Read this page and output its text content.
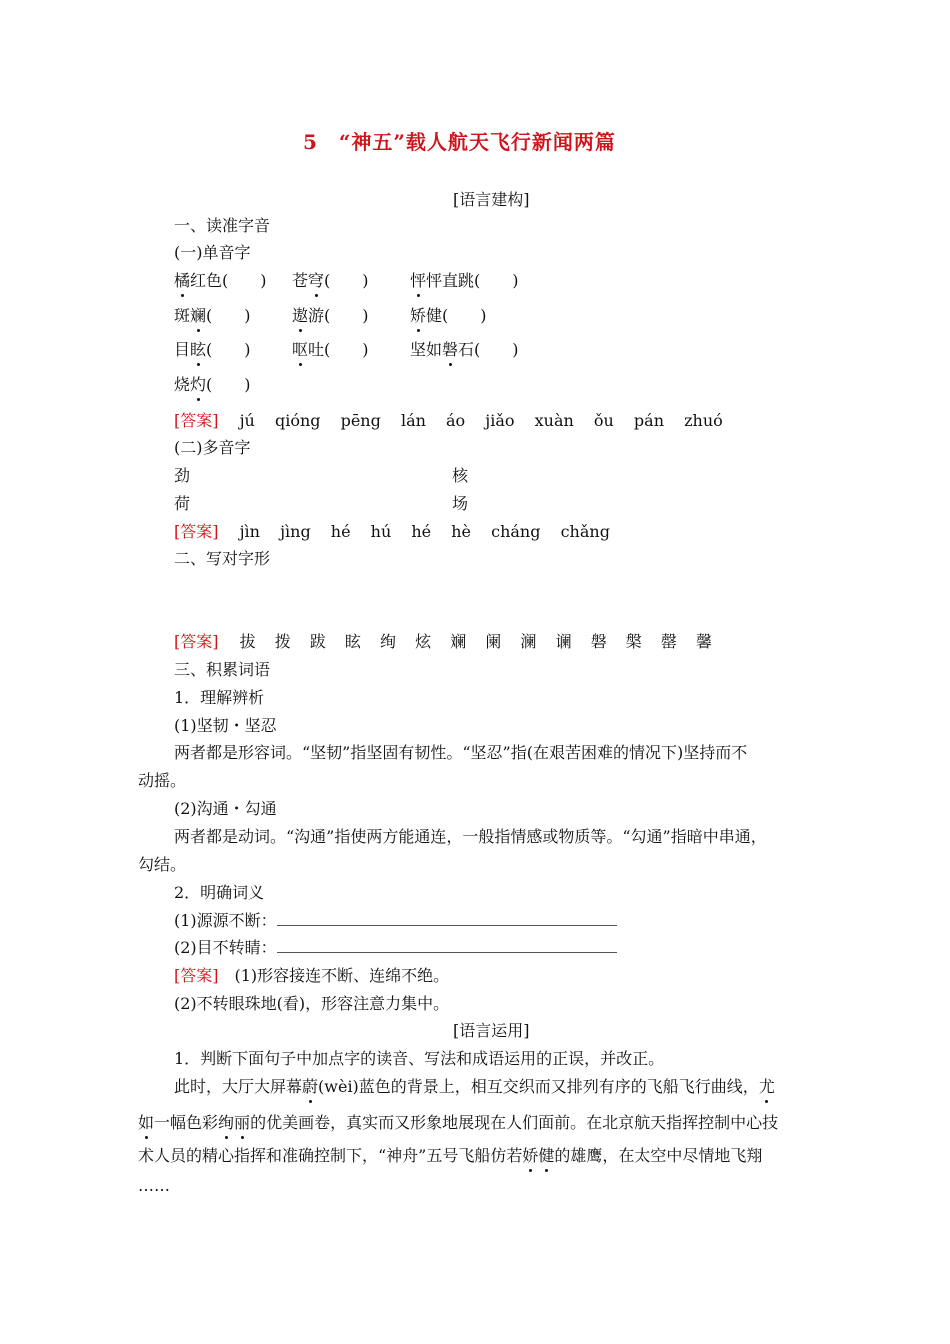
5　“神五”载人航天飞行新闻两篇
[语言建构]
一、读准字音
(一)单音字
橘红色(　　) 苍穹(　　)	怦怦直跳(　　)
斑斓(　　)	遨游(　　)	矫健(　　)
目眩(　　)	呕吐(　　)	坚如磐石(　　)
烧灼(　　)
[答案] jú qióng pēng lán áo jiǎo xuàn ǒu pán zhuó
(二)多音字
劲	核
荷	场
[答案] jìn jìng hé hú hé hè cháng chǎng
二、写对字形
[答案] 拔 拨 跋 眩 绚 炫 斓 阑 澜 谰 磐 槃 罄 馨
三、积累词语
1．理解辨析
(1)坚韧・坚忍
两者都是形容词。“坚韧”指坚固有韧性。“坚忍”指(在艰苦困难的情况下)坚持而不
动摇。
(2)沟通・勾通
两者都是动词。“沟通”指使两方能通连，一般指情感或物质等。“勾通”指暗中串通，
勾结。
2．明确词义
(1)源源不断：
(2)目不转睛：
[答案] (1)形容接连不断、连绵不绝。
(2)不转眼珠地(看)，形容注意力集中。
[语言运用]
1．判断下面句子中加点字的读音、写法和成语运用的正误，并改正。
此时，大厅大屏幕蔚(wèi)蓝色的背景上，相互交织而又排列有序的飞船飞行曲线，尤
如一幅色彩绚丽的优美画卷，真实而又形象地展现在人们面前。在北京航天指挥控制中心技
术人员的精心指挥和准确控制下，“神舟”五号飞船仿若娇健的雄鹰，在太空中尽情地飞翔
……
